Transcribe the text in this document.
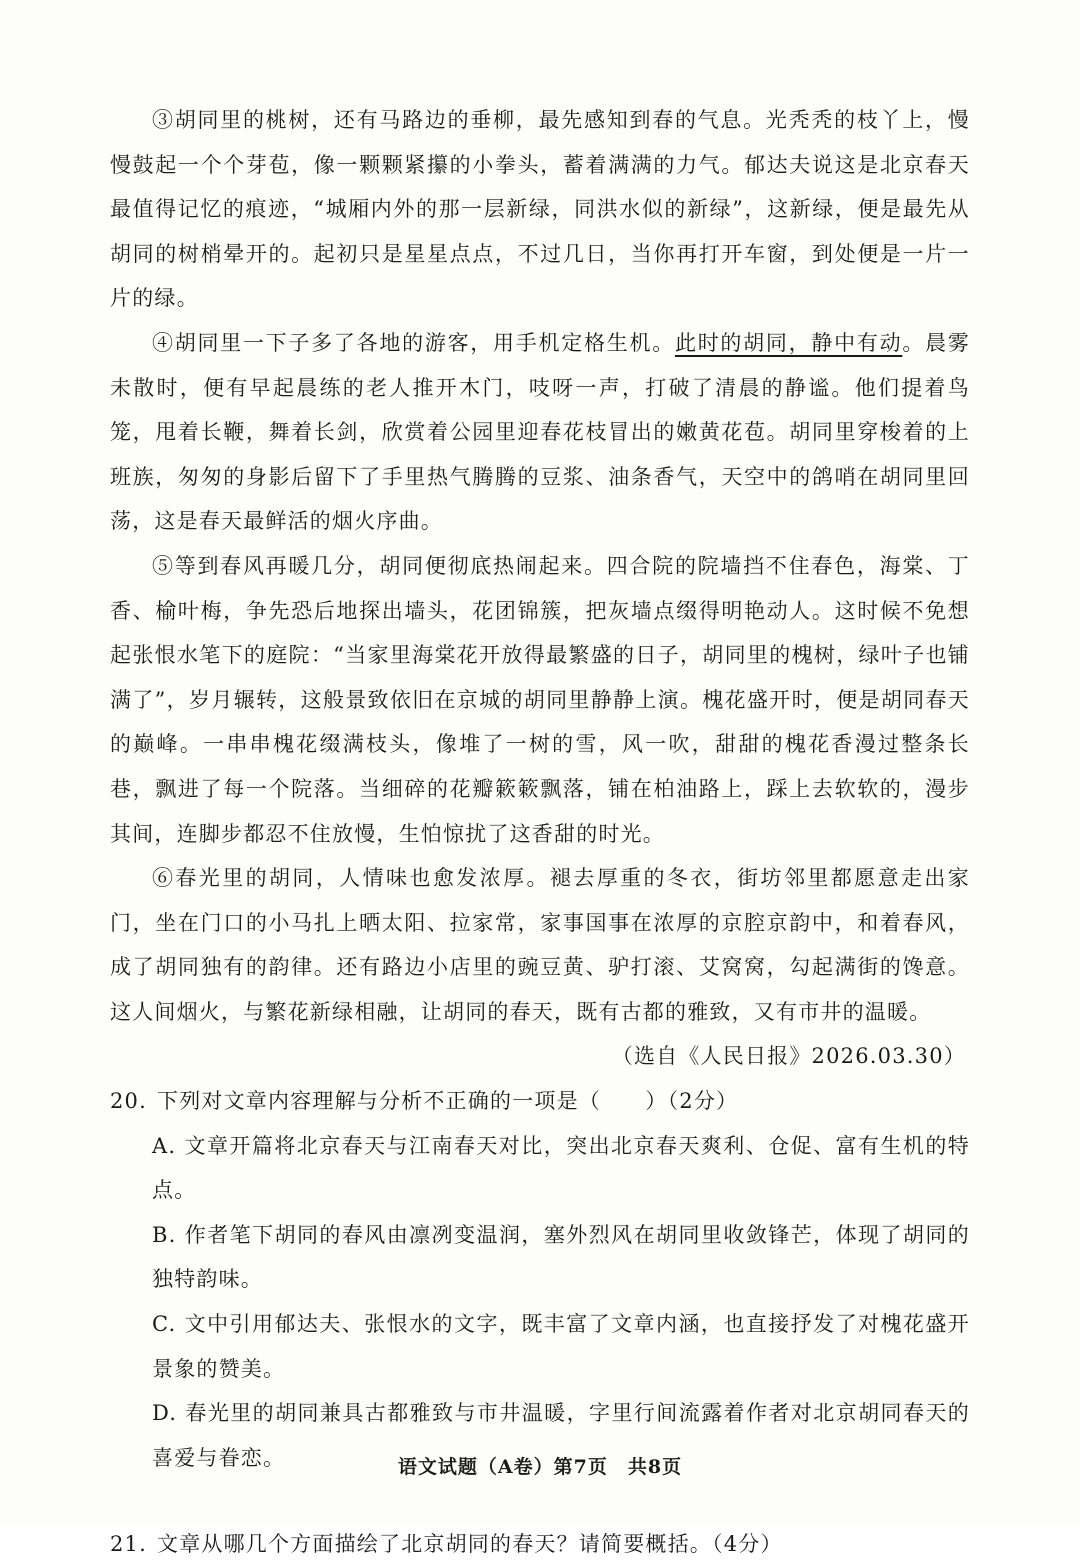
③胡同里的桃树，还有马路边的垂柳，最先感知到春的气息。光秃秃的枝丫上，慢慢鼓起一个个芽苞，像一颗颗紧攥的小拳头，蓄着满满的力气。郁达夫说这是北京春天最值得记忆的痕迹，“城厢内外的那一层新绿，同洪水似的新绿”，这新绿，便是最先从胡同的树梢晕开的。起初只是星星点点，不过几日，当你再打开车窗，到处便是一片一片的绿。

④胡同里一下子多了各地的游客，用手机定格生机。此时的胡同，静中有动。晨雾未散时，便有早起晨练的老人推开木门，吱呀一声，打破了清晨的静谧。他们提着鸟笼，甩着长鞭，舞着长剑，欣赏着公园里迎春花枝冒出的嫩黄花苞。胡同里穿梭着的上班族，匆匆的身影后留下了手里热气腾腾的豆浆、油条香气，天空中的鸽哨在胡同里回荡，这是春天最鲜活的烟火序曲。

⑤等到春风再暖几分，胡同便彻底热闹起来。四合院的院墙挡不住春色，海棠、丁香、榆叶梅，争先恐后地探出墙头，花团锦簇，把灰墙点缀得明艳动人。这时候不免想起张恨水笔下的庭院：“当家里海棠花开放得最繁盛的日子，胡同里的槐树，绿叶子也铺满了”，岁月辗转，这般景致依旧在京城的胡同里静静上演。槐花盛开时，便是胡同春天的巅峰。一串串槐花缀满枝头，像堆了一树的雪，风一吹，甜甜的槐花香漫过整条长巷，飘进了每一个院落。当细碎的花瓣簌簌飘落，铺在柏油路上，踩上去软软的，漫步其间，连脚步都忍不住放慢，生怕惊扰了这香甜的时光。

⑥春光里的胡同，人情味也愈发浓厚。褪去厚重的冬衣，街坊邻里都愿意走出家门，坐在门口的小马扎上晒太阳、拉家常，家事国事在浓厚的京腔京韵中，和着春风，成了胡同独有的韵律。还有路边小店里的豌豆黄、驴打滚、艾窝窝，勾起满街的馋意。这人间烟火，与繁花新绿相融，让胡同的春天，既有古都的雅致，又有市井的温暖。

（选自《人民日报》2026.03.30）

20. 下列对文章内容理解与分析不正确的一项是（　　）（2分）

A. 文章开篇将北京春天与江南春天对比，突出北京春天爽利、仓促、富有生机的特点。

B. 作者笔下胡同的春风由凛冽变温润，塞外烈风在胡同里收敛锋芒，体现了胡同的独特韵味。

C. 文中引用郁达夫、张恨水的文字，既丰富了文章内涵，也直接抒发了对槐花盛开景象的赞美。

D. 春光里的胡同兼具古都雅致与市井温暖，字里行间流露着作者对北京胡同春天的喜爱与眷恋。

21. 文章从哪几个方面描绘了北京胡同的春天？请简要概括。（4分）
语文试题（A卷）第7页　共8页
